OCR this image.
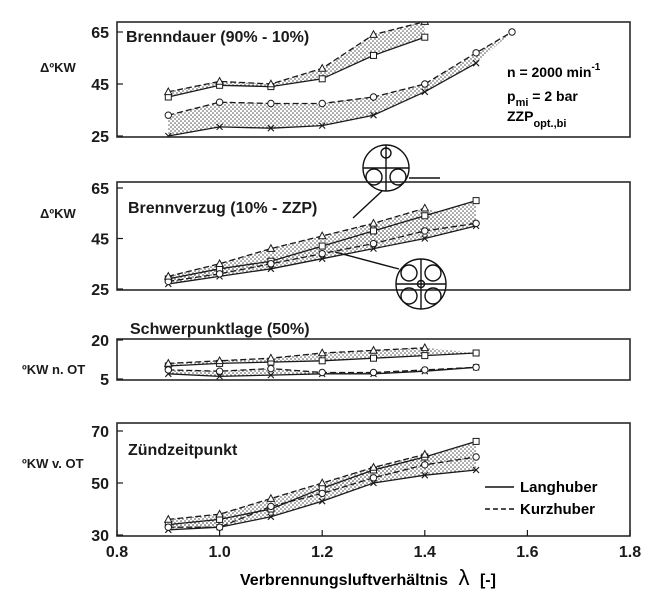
25
45
65
ΔºKW
Brenndauer (90% - 10%)
25
45
65
ΔºKW	Brennverzug (10% - ZZP)
5
20
ºKW n. OT
Schwerpunktlage (50%)
30
50
70
ºKW v. OT
Zündzeitpunkt
0.8	1.0	1.2	1.4	1.6	1.8
Verbrennungsluftverhältnis λ [-]
n = 2000 $\min^{-1}$
$p_{mi} = 2$ bar
$ZZP_{opt.,bi}$
Langhuber
Kurzhuber
